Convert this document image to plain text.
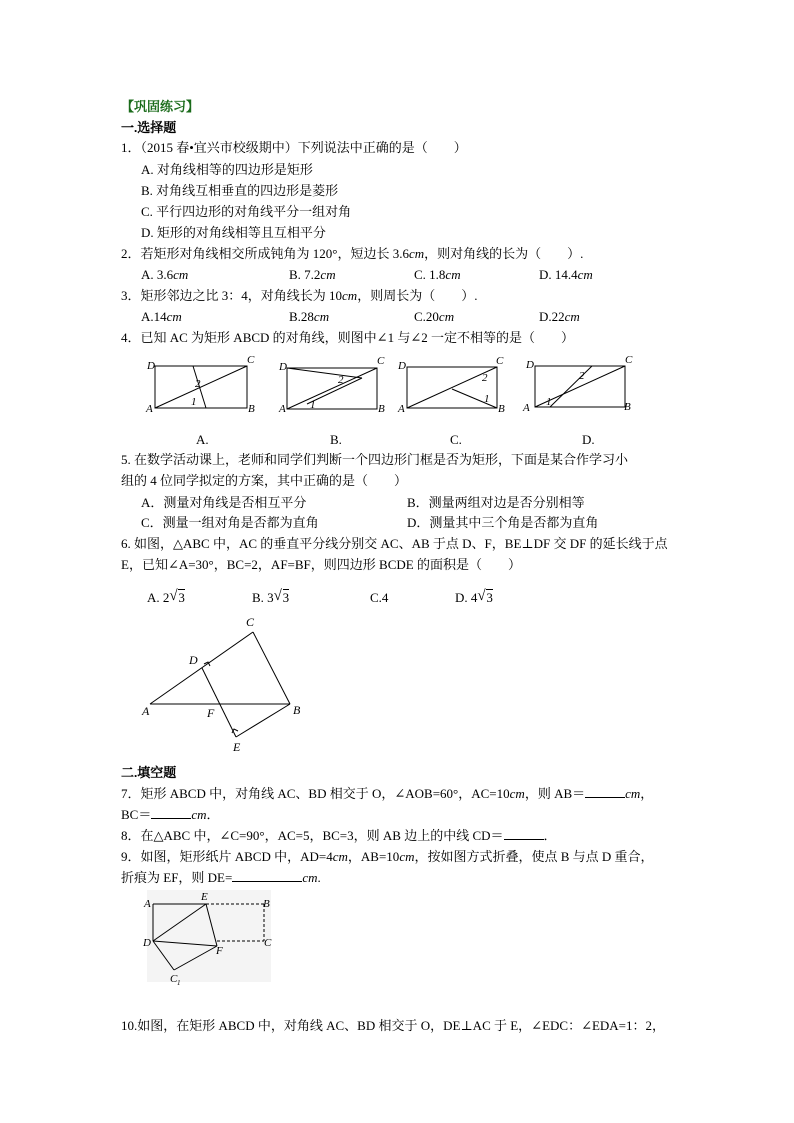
【巩固练习】
一.选择题
1．（2015 春•宜兴市校级期中）下列说法中正确的是（　　）
A. 对角线相等的四边形是矩形
B. 对角线互相垂直的四边形是菱形
C. 平行四边形的对角线平分一组对角
D. 矩形的对角线相等且互相平分
2．若矩形对角线相交所成钝角为 120°，短边长 3.6cm，则对角线的长为（　　）.
A. 3.6cm	B. 7.2cm	C. 1.8cm	D. 14.4cm
3．矩形邻边之比 3：4，对角线长为 10cm，则周长为（　　）.
A.14cm	B.28cm	C.20cm	D.22cm
4．已知 AC 为矩形 ABCD 的对角线，则图中∠1 与∠2 一定不相等的是（　　）
D	C
A	B
2
1
D	C
A	B
2
1
D	C
A	B
2
1
D	C
A	B
2
1
A.	B.	C.	D.
5. 在数学活动课上，老师和同学们判断一个四边形门框是否为矩形，下面是某合作学习小
组的 4 位同学拟定的方案，其中正确的是（　　）
A．测量对角线是否相互平分	B．测量两组对边是否分别相等
C．测量一组对角是否都为直角	D．测量其中三个角是否都为直角
6. 如图，△ABC 中，AC 的垂直平分线分别交 AC、AB 于点 D、F，BE⊥DF 交 DF 的延长线于点
E，已知∠A=30°，BC=2，AF=BF，则四边形 BCDE 的面积是（　　）
A. 2 √ 3	B. 3 √ 3	C.4	D. 4 √ 3
C
D
A	F	B
E
二.填空题
7．矩形 ABCD 中，对角线 AC、BD 相交于 O，∠AOB=60°，AC=10cm，则 AB＝	cm，
BC＝	cm．
8．在△ABC 中，∠C=90°，AC=5，BC=3，则 AB 边上的中线 CD＝	．
9．如图，矩形纸片 ABCD 中，AD=4cm，AB=10cm，按如图方式折叠，使点 B 与点 D 重合，
折痕为 EF，则 DE=	cm.
A
E
B
D	C
F
C 1
10.如图，在矩形 ABCD 中，对角线 AC、BD 相交于 O，DE⊥AC 于 E，∠EDC：∠EDA=1：2，
